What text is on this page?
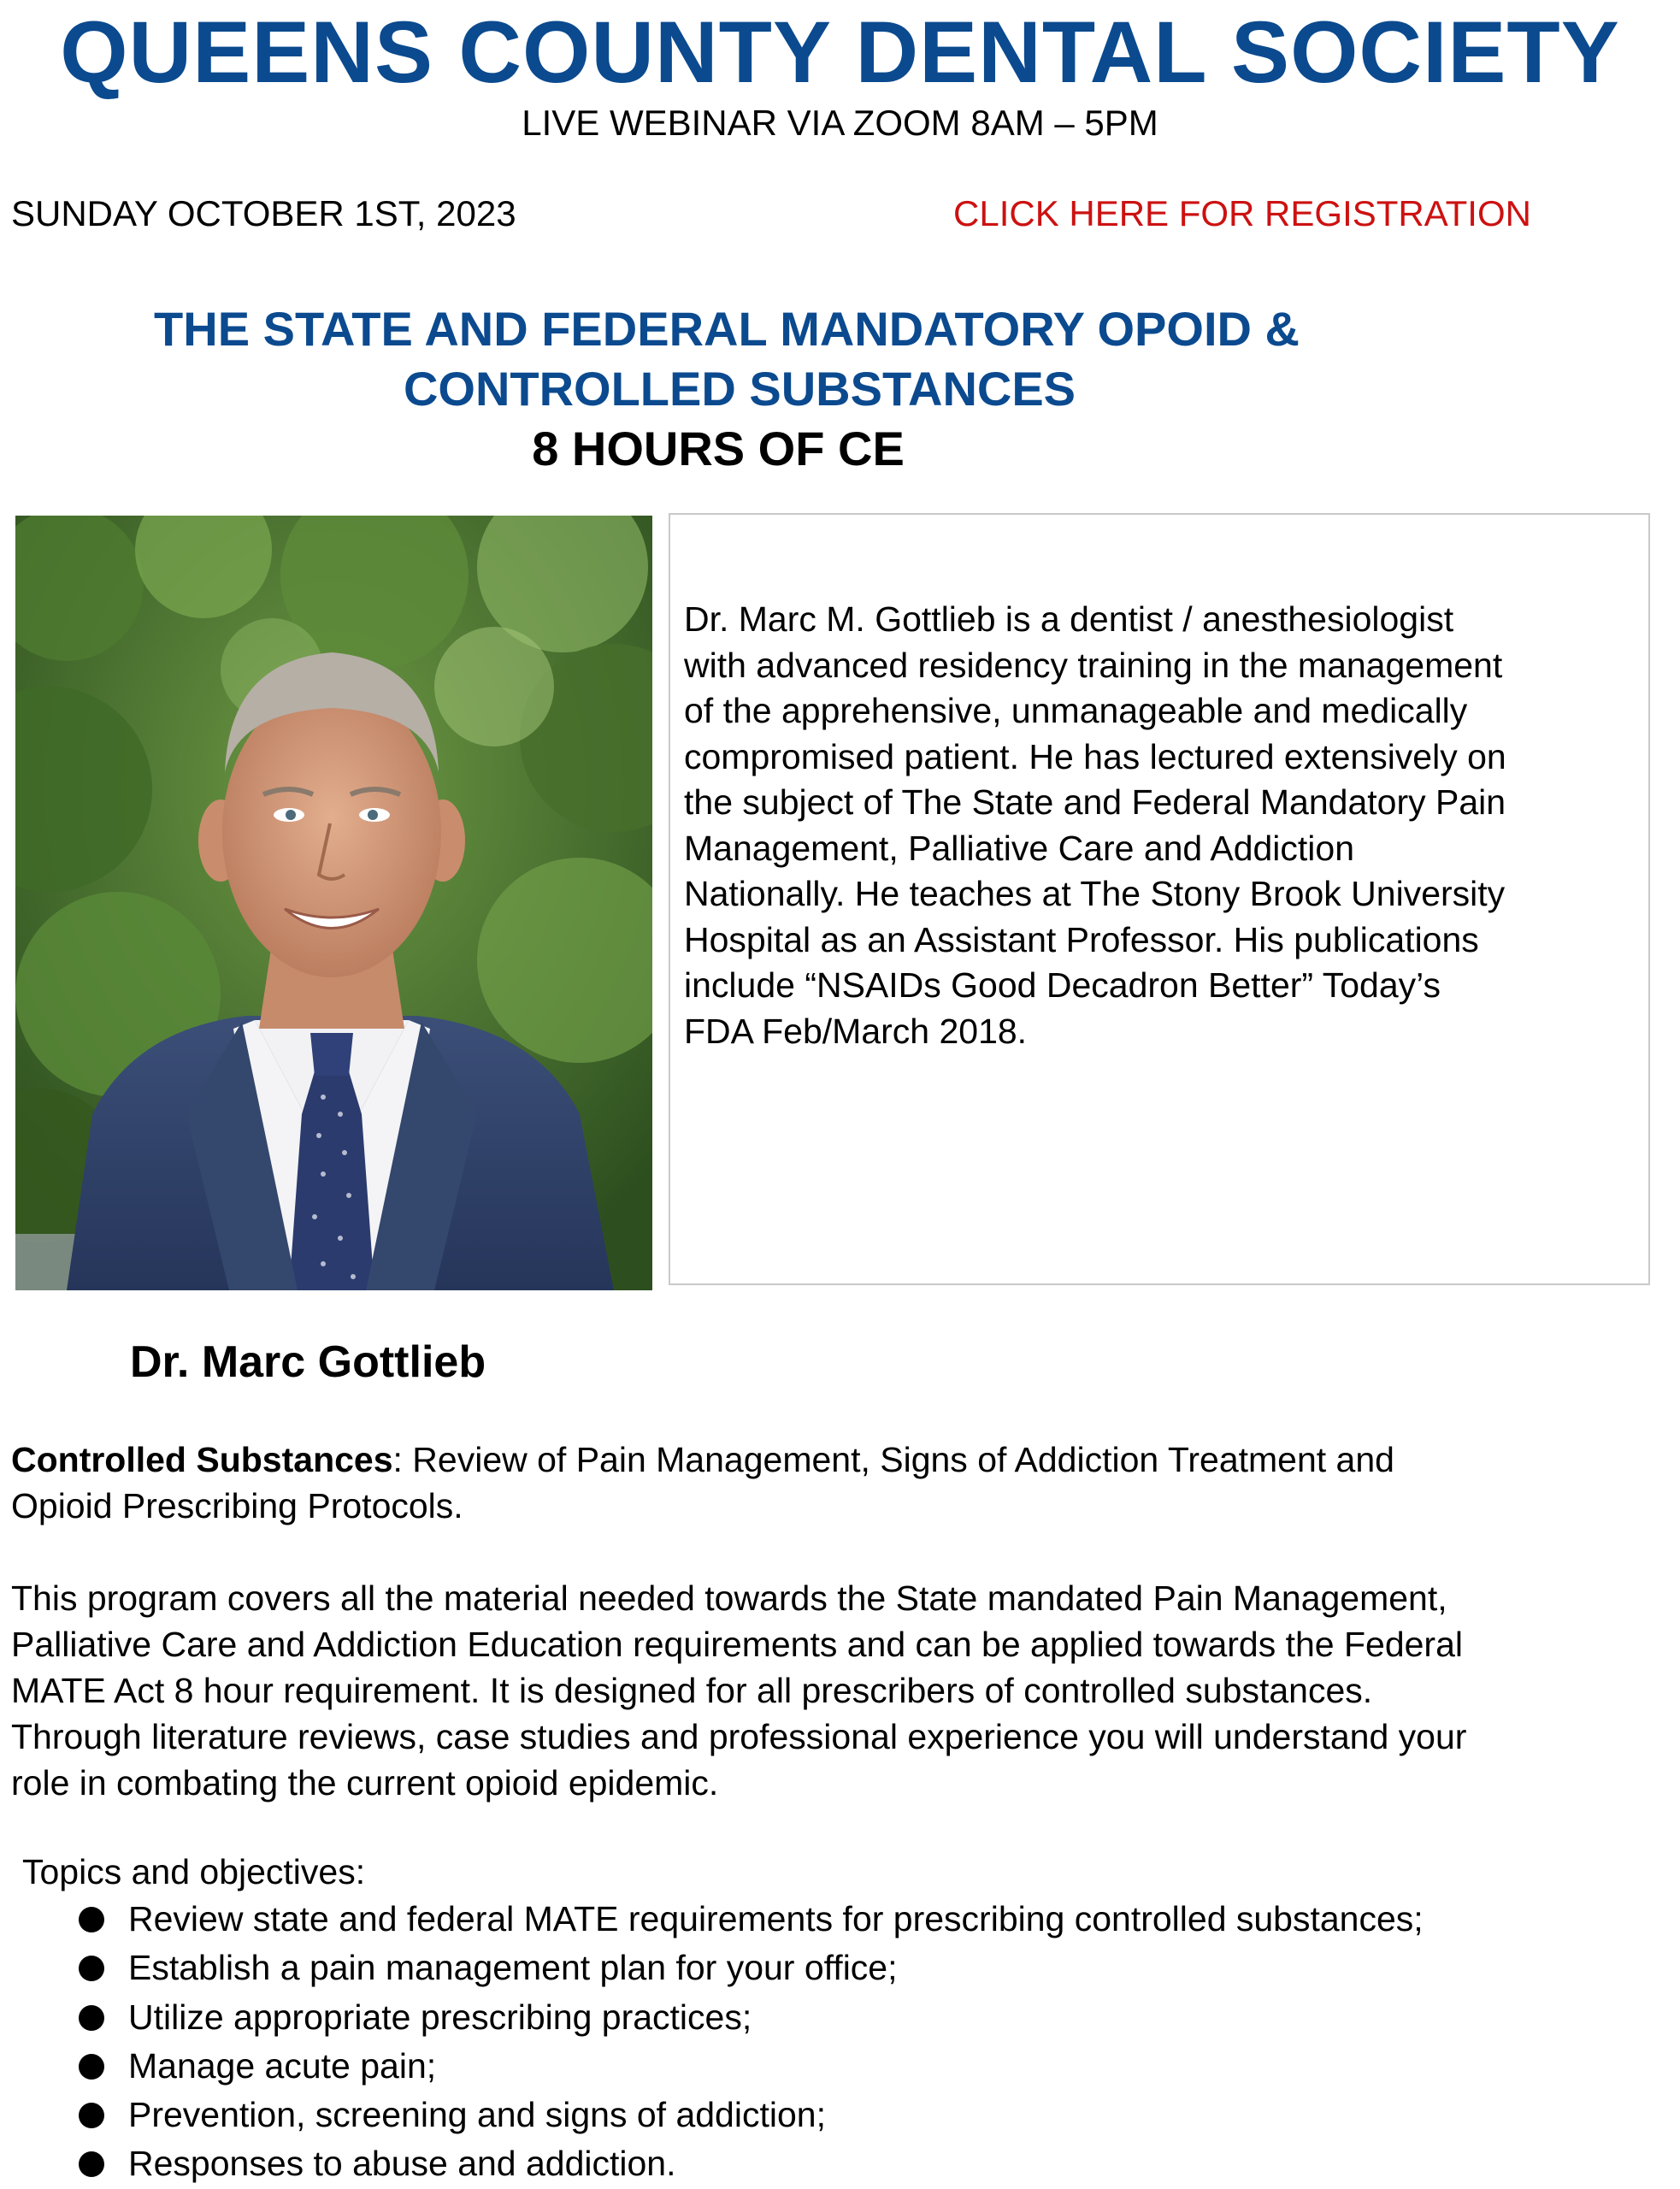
QUEENS COUNTY DENTAL SOCIETY
LIVE WEBINAR VIA ZOOM 8AM – 5PM
SUNDAY OCTOBER 1ST, 2023	CLICK HERE FOR REGISTRATION
THE STATE AND FEDERAL MANDATORY OPOID &
CONTROLLED SUBSTANCES
8 HOURS OF CE
Dr. Marc M. Gottlieb is a dentist / anesthesiologist
with advanced residency training in the management
of the apprehensive, unmanageable and medically
compromised patient. He has lectured extensively on
the subject of The State and Federal Mandatory Pain
Management, Palliative Care and Addiction
Nationally. He teaches at The Stony Brook University
Hospital as an Assistant Professor. His publications
include “NSAIDs Good Decadron Better” Today’s
FDA Feb/March 2018.
Dr. Marc Gottlieb
Controlled Substances: Review of Pain Management, Signs of Addiction Treatment and
Opioid Prescribing Protocols.
This program covers all the material needed towards the State mandated Pain Management,
Palliative Care and Addiction Education requirements and can be applied towards the Federal
MATE Act 8 hour requirement. It is designed for all prescribers of controlled substances.
Through literature reviews, case studies and professional experience you will understand your
role in combating the current opioid epidemic.
Topics and objectives:
Review state and federal MATE requirements for prescribing controlled substances;
Establish a pain management plan for your office;
Utilize appropriate prescribing practices;
Manage acute pain;
Prevention, screening and signs of addiction;
Responses to abuse and addiction.
